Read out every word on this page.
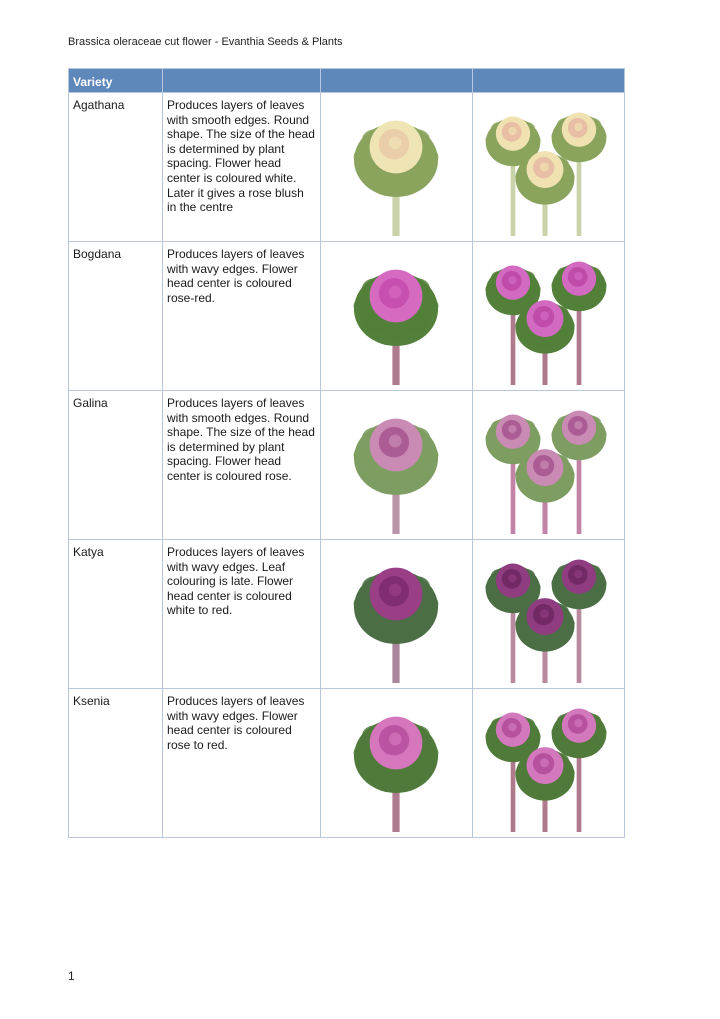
Brassica oleraceae cut flower - Evanthia Seeds & Plants
Variety			
Agathana	Produces layers of leaves with smooth edges. Round shape. The size of the head is determined by plant spacing. Flower head center is coloured white. Later it gives a rose blush in the centre	

Bogdana	Produces layers of leaves with wavy edges. Flower head center is coloured rose-red.	

Galina	Produces layers of leaves with smooth edges. Round shape. The size of the head is determined by plant spacing. Flower head center is coloured rose.	

Katya	Produces layers of leaves with wavy edges. Leaf colouring is late. Flower head center is coloured white to red.	

Ksenia	Produces layers of leaves with wavy edges. Flower head center is coloured rose to red.	

1
